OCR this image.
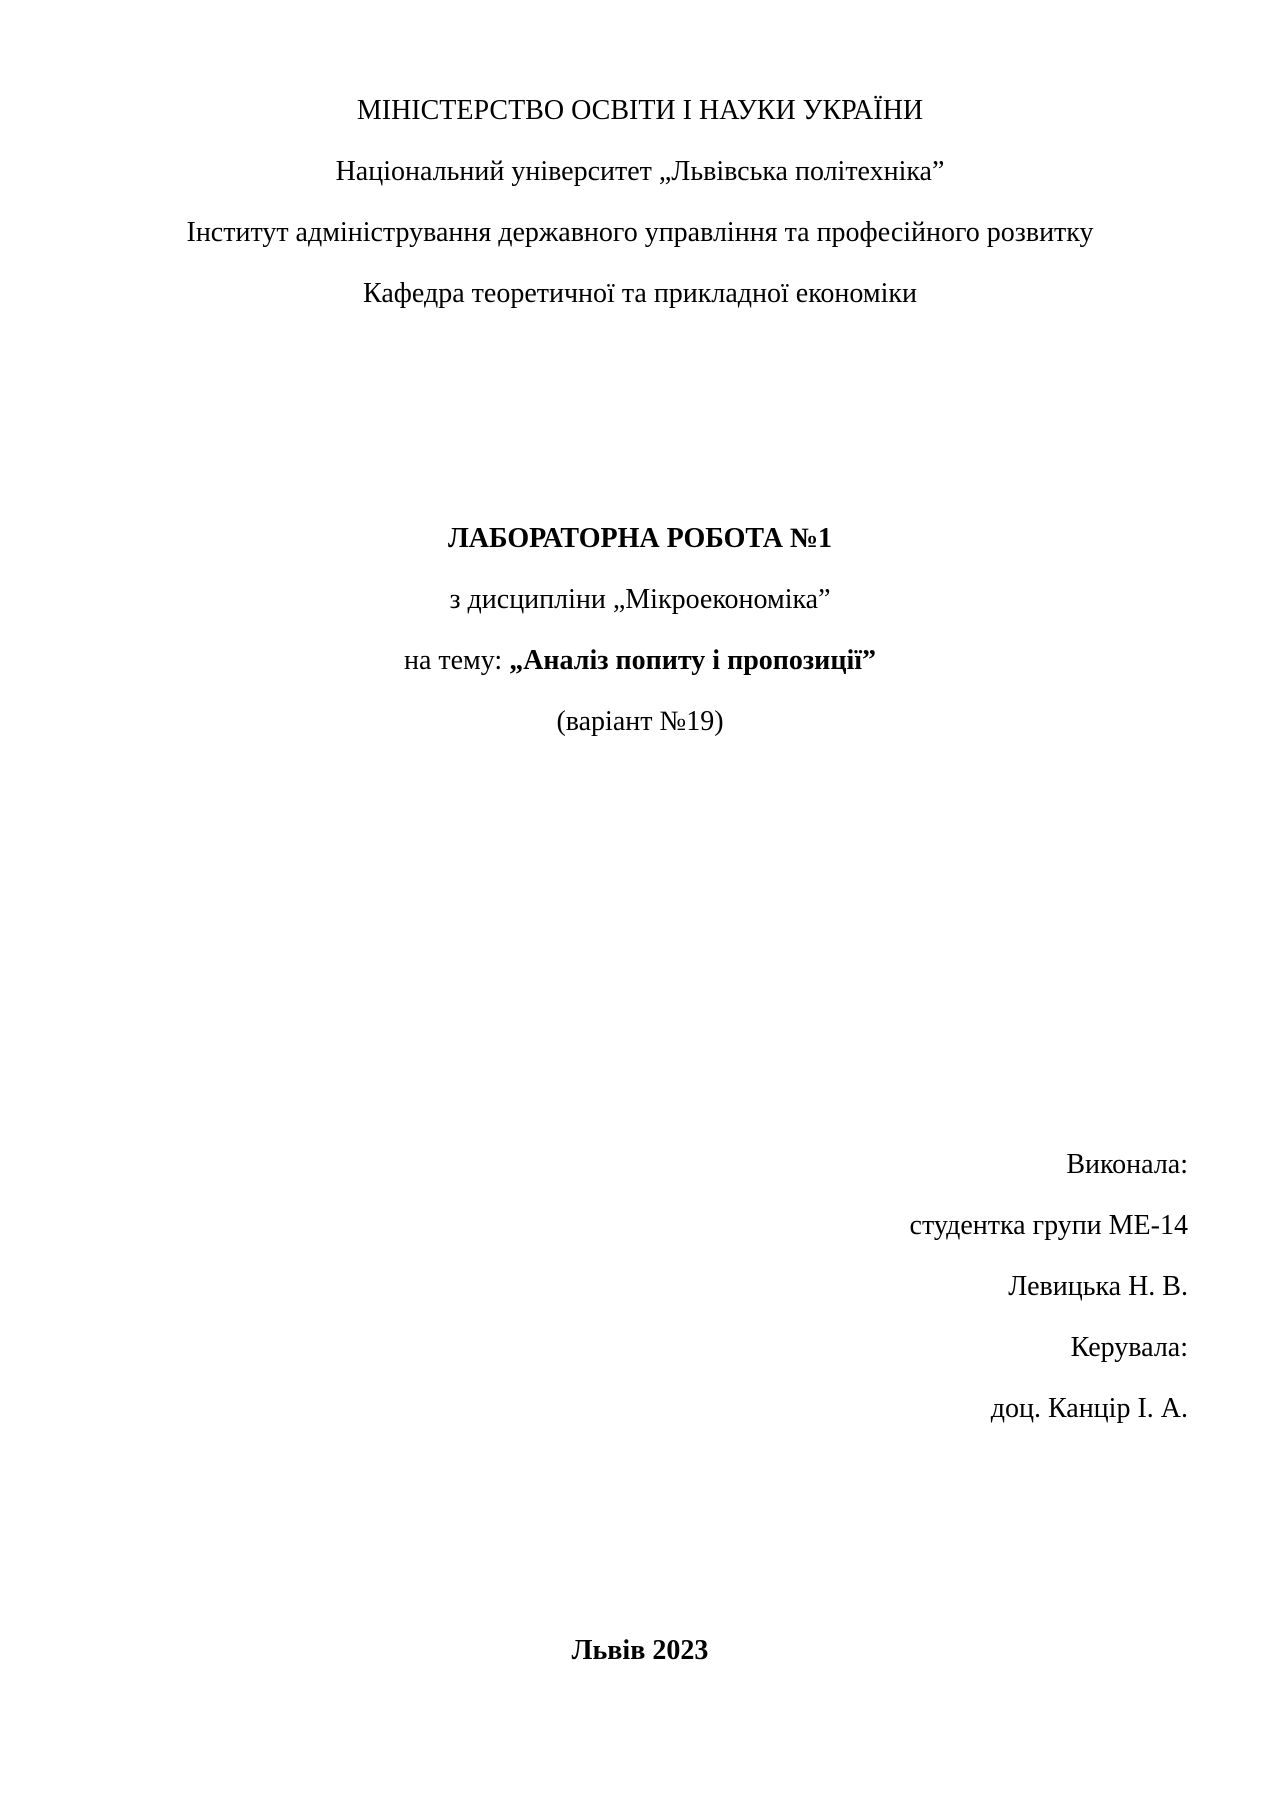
МІНІСТЕРСТВО ОСВІТИ І НАУКИ УКРАЇНИ
Національний університет „Львівська політехніка”
Інститут адміністрування державного управління та професійного розвитку
Кафедра теоретичної та прикладної економіки
ЛАБОРАТОРНА РОБОТА №1
з дисципліни „Мікроекономіка”
на тему: „Аналіз попиту і пропозиції”
(варіант №19)
Виконала:
студентка групи МЕ-14
Левицька Н. В.
Керувала:
доц. Канцір І. А.
Львів 2023
